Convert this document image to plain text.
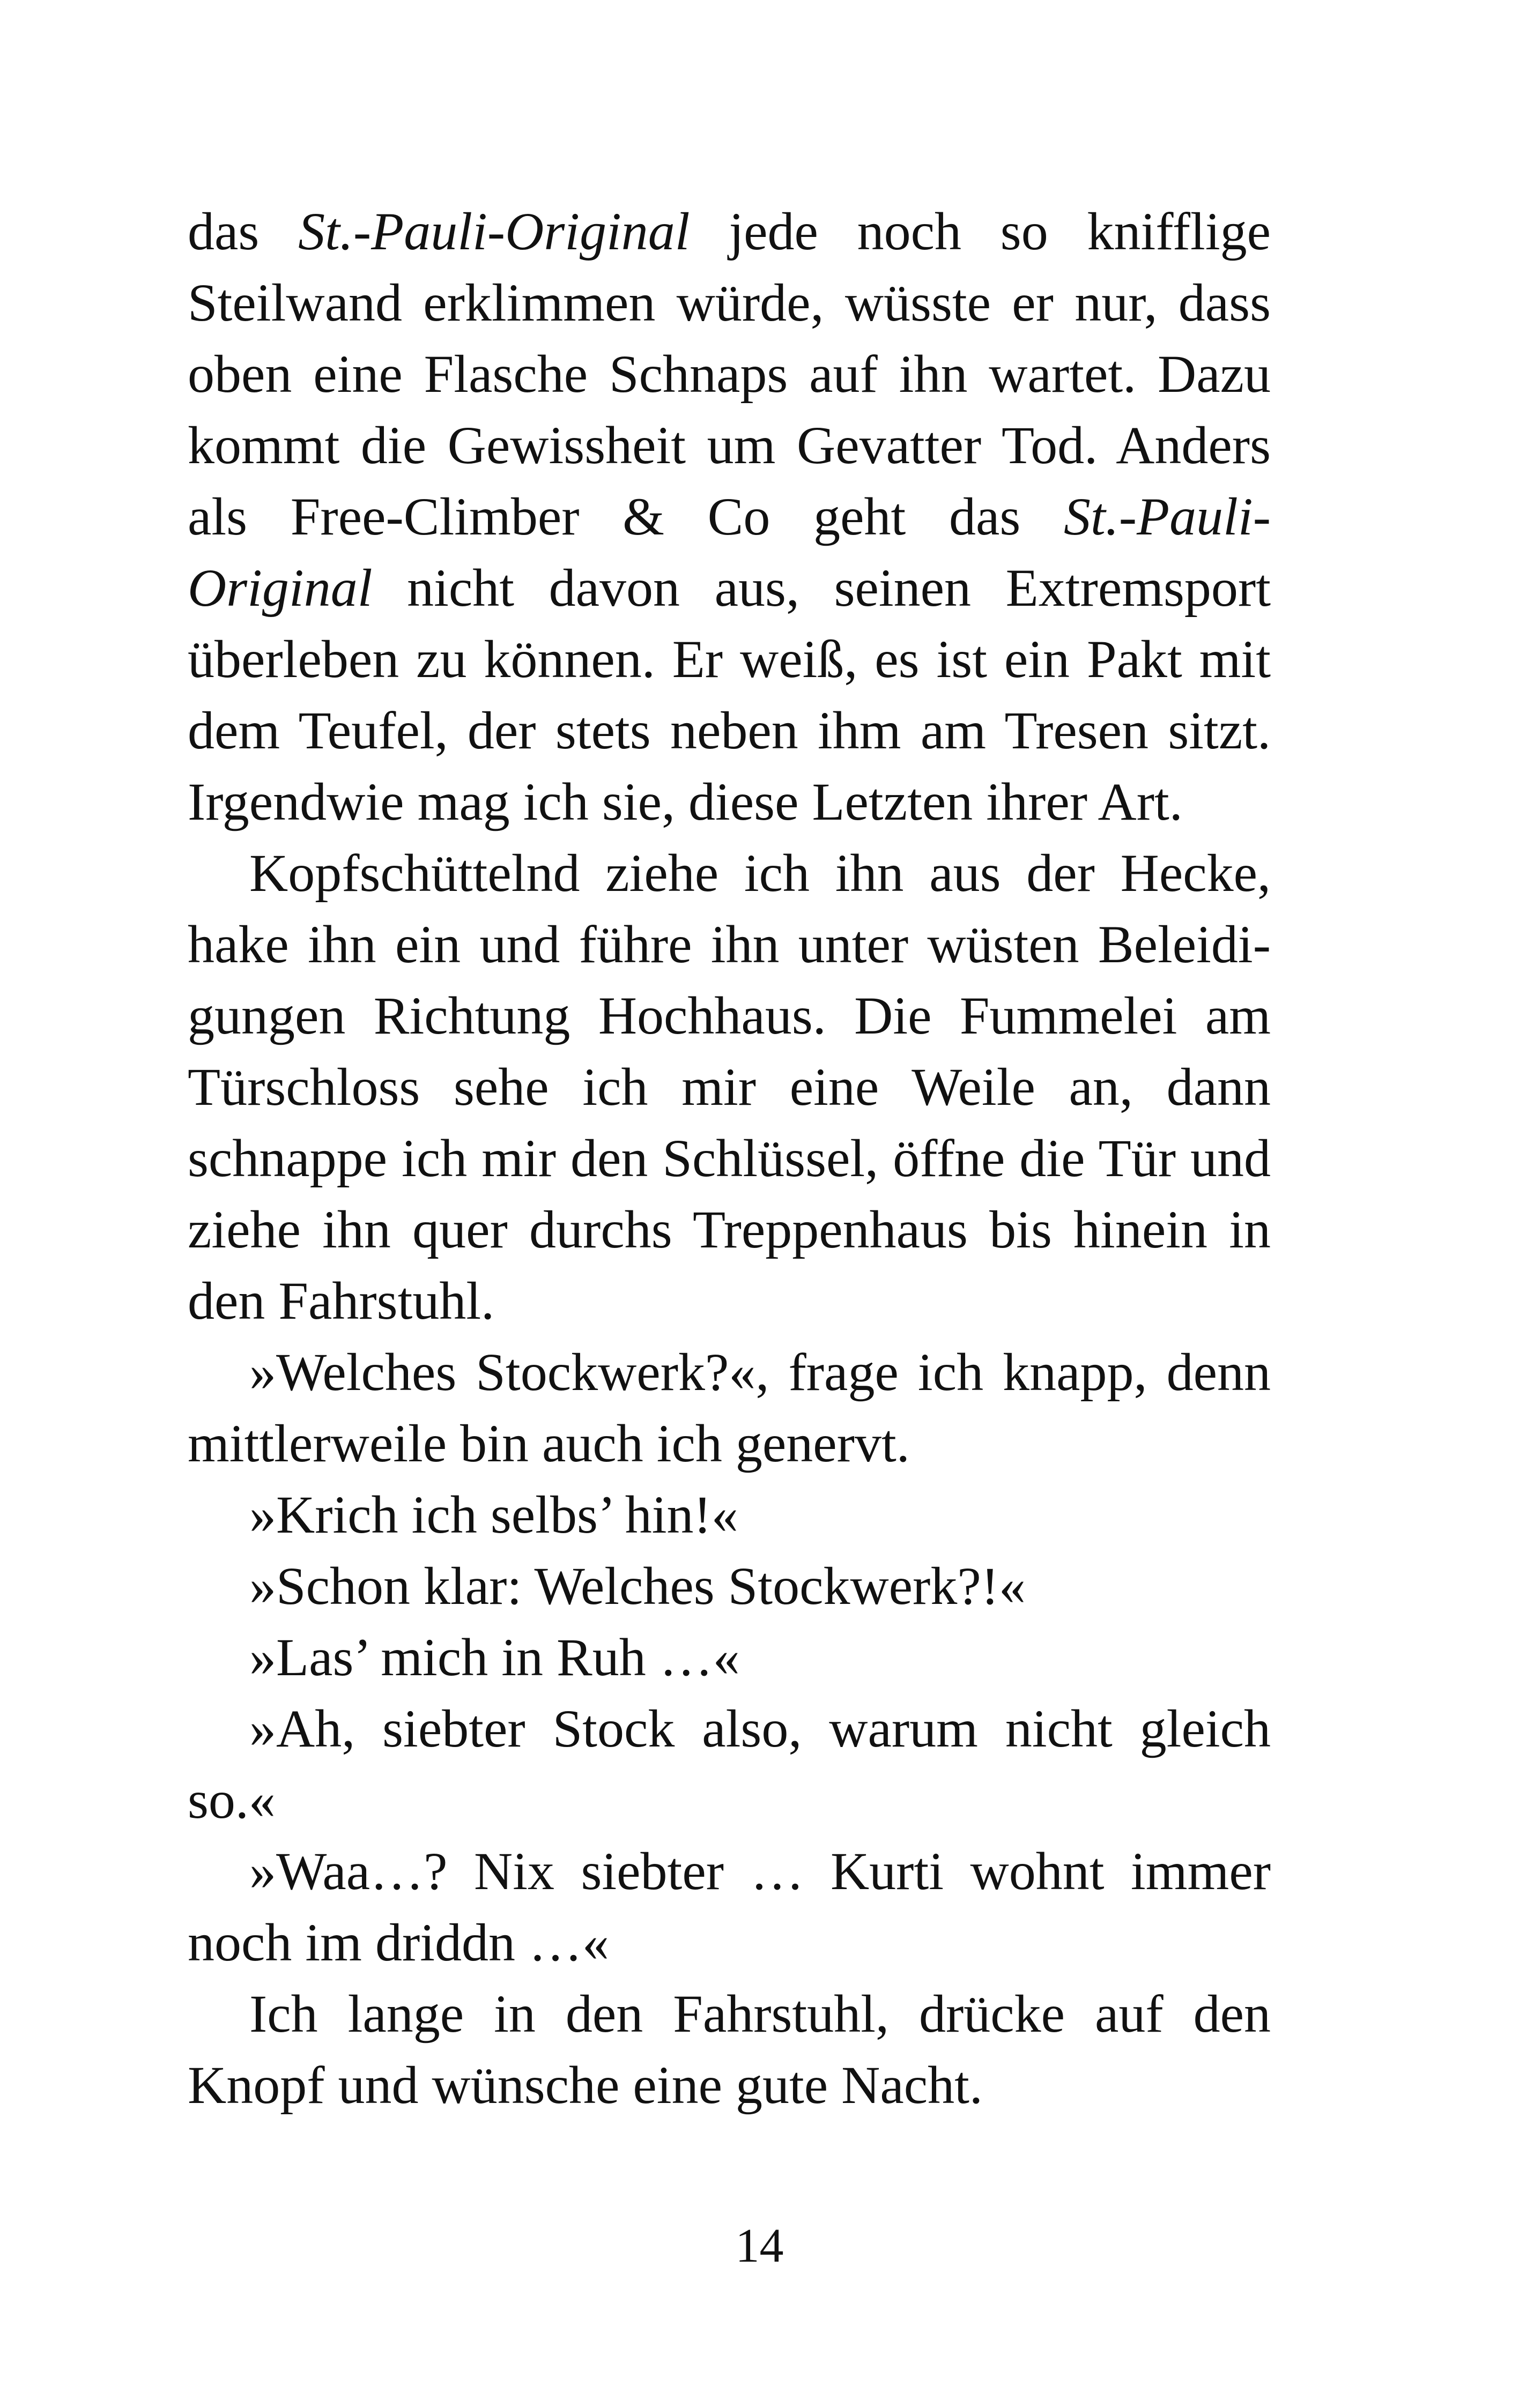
das St.-Pauli-Original jede noch so knifflige Steilwand erklimmen würde, wüsste er nur, dass oben eine Flasche Schnaps auf ihn wartet. Dazu kommt die Gewissheit um Gevatter Tod. Anders als Free-Climber & Co geht das St.-Pauli-Original nicht davon aus, seinen Extremsport überleben zu können. Er weiß, es ist ein Pakt mit dem Teufel, der stets neben ihm am Tresen sitzt. Irgendwie mag ich sie, diese Letzten ihrer Art.

Kopfschüttelnd ziehe ich ihn aus der Hecke, hake ihn ein und führe ihn unter wüsten Beleidigungen Richtung Hochhaus. Die Fummelei am Türschloss sehe ich mir eine Weile an, dann schnappe ich mir den Schlüssel, öffne die Tür und ziehe ihn quer durchs Treppenhaus bis hinein in den Fahrstuhl.

»Welches Stockwerk?«, frage ich knapp, denn mittlerweile bin auch ich genervt.

»Krich ich selbs’ hin!«

»Schon klar: Welches Stockwerk?!«

»Las’ mich in Ruh …«

»Ah, siebter Stock also, warum nicht gleich so.«

»Waa…? Nix siebter … Kurti wohnt immer noch im driddn …«

Ich lange in den Fahrstuhl, drücke auf den Knopf und wünsche eine gute Nacht.

14
